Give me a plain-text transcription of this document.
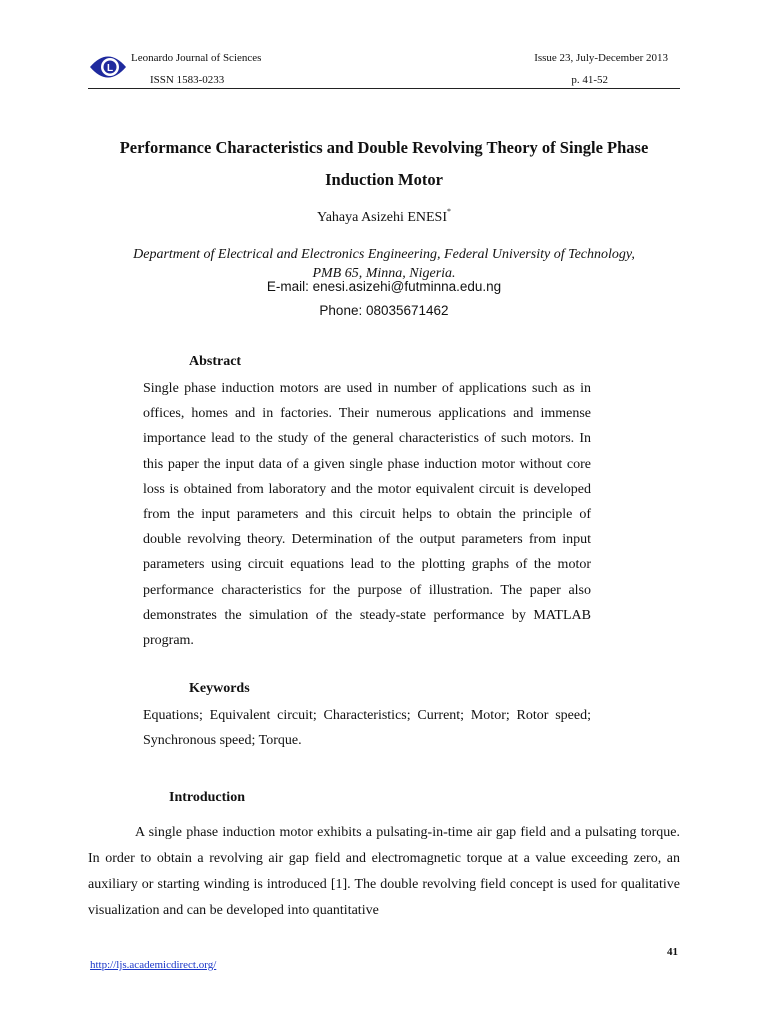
L
Leonardo Journal of Sciences
ISSN 1583-0233
Issue 23, July-December 2013
p. 41-52
Performance Characteristics and Double Revolving Theory of Single Phase Induction Motor
Yahaya Asizehi ENESI*
Department of Electrical and Electronics Engineering, Federal University of Technology,
PMB 65, Minna, Nigeria.
E-mail: enesi.asizehi@futminna.edu.ng
Phone: 08035671462
Abstract
Single phase induction motors are used in number of applications such as in offices, homes and in factories. Their numerous applications and immense importance lead to the study of the general characteristics of such motors. In this paper the input data of a given single phase induction motor without core loss is obtained from laboratory and the motor equivalent circuit is developed from the input parameters and this circuit helps to obtain the principle of double revolving theory. Determination of the output parameters from input parameters using circuit equations lead to the plotting graphs of the motor performance characteristics for the purpose of illustration. The paper also demonstrates the simulation of the steady-state performance by MATLAB program.
Keywords
Equations; Equivalent circuit; Characteristics; Current; Motor; Rotor speed; Synchronous speed; Torque.
Introduction
A single phase induction motor exhibits a pulsating-in-time air gap field and a pulsating torque. In order to obtain a revolving air gap field and electromagnetic torque at a value exceeding zero, an auxiliary or starting winding is introduced [1]. The double revolving field concept is used for qualitative visualization and can be developed into quantitative
41
http://ljs.academicdirect.org/
